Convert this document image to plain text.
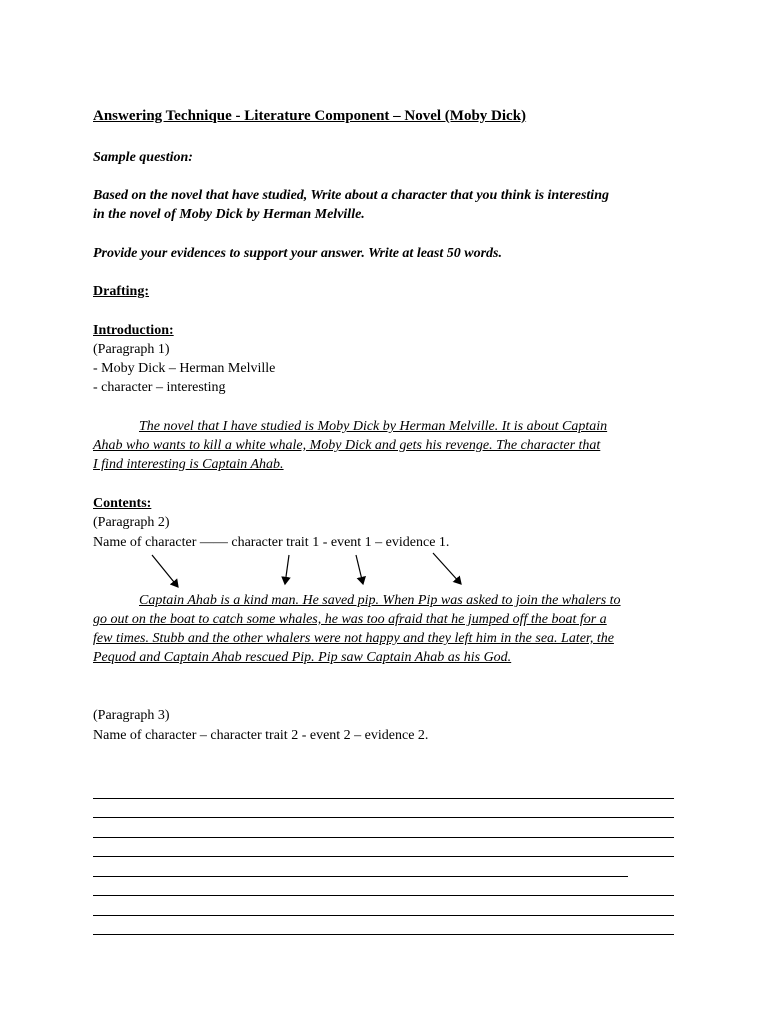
Answering Technique - Literature Component – Novel (Moby Dick)
Sample question:
Based on the novel that have studied, Write about a character that you think is interesting
in the novel of Moby Dick by Herman Melville.
Provide your evidences to support your answer. Write at least 50 words.
Drafting:
Introduction:
(Paragraph 1)
- Moby Dick – Herman Melville
- character – interesting
The novel that I have studied is Moby Dick by Herman Melville. It is about Captain
Ahab who wants to kill a white whale, Moby Dick and gets his revenge. The character that
I find interesting is Captain Ahab.
Contents:
(Paragraph 2)
Name of character —— character trait 1 - event 1 – evidence 1.
Captain Ahab is a kind man. He saved pip. When Pip was asked to join the whalers to
go out on the boat to catch some whales, he was too afraid that he jumped off the boat for a
few times. Stubb and the other whalers were not happy and they left him in the sea. Later, the
Pequod and Captain Ahab rescued Pip. Pip saw Captain Ahab as his God.
(Paragraph 3)
Name of character – character trait 2 - event 2 – evidence 2.
